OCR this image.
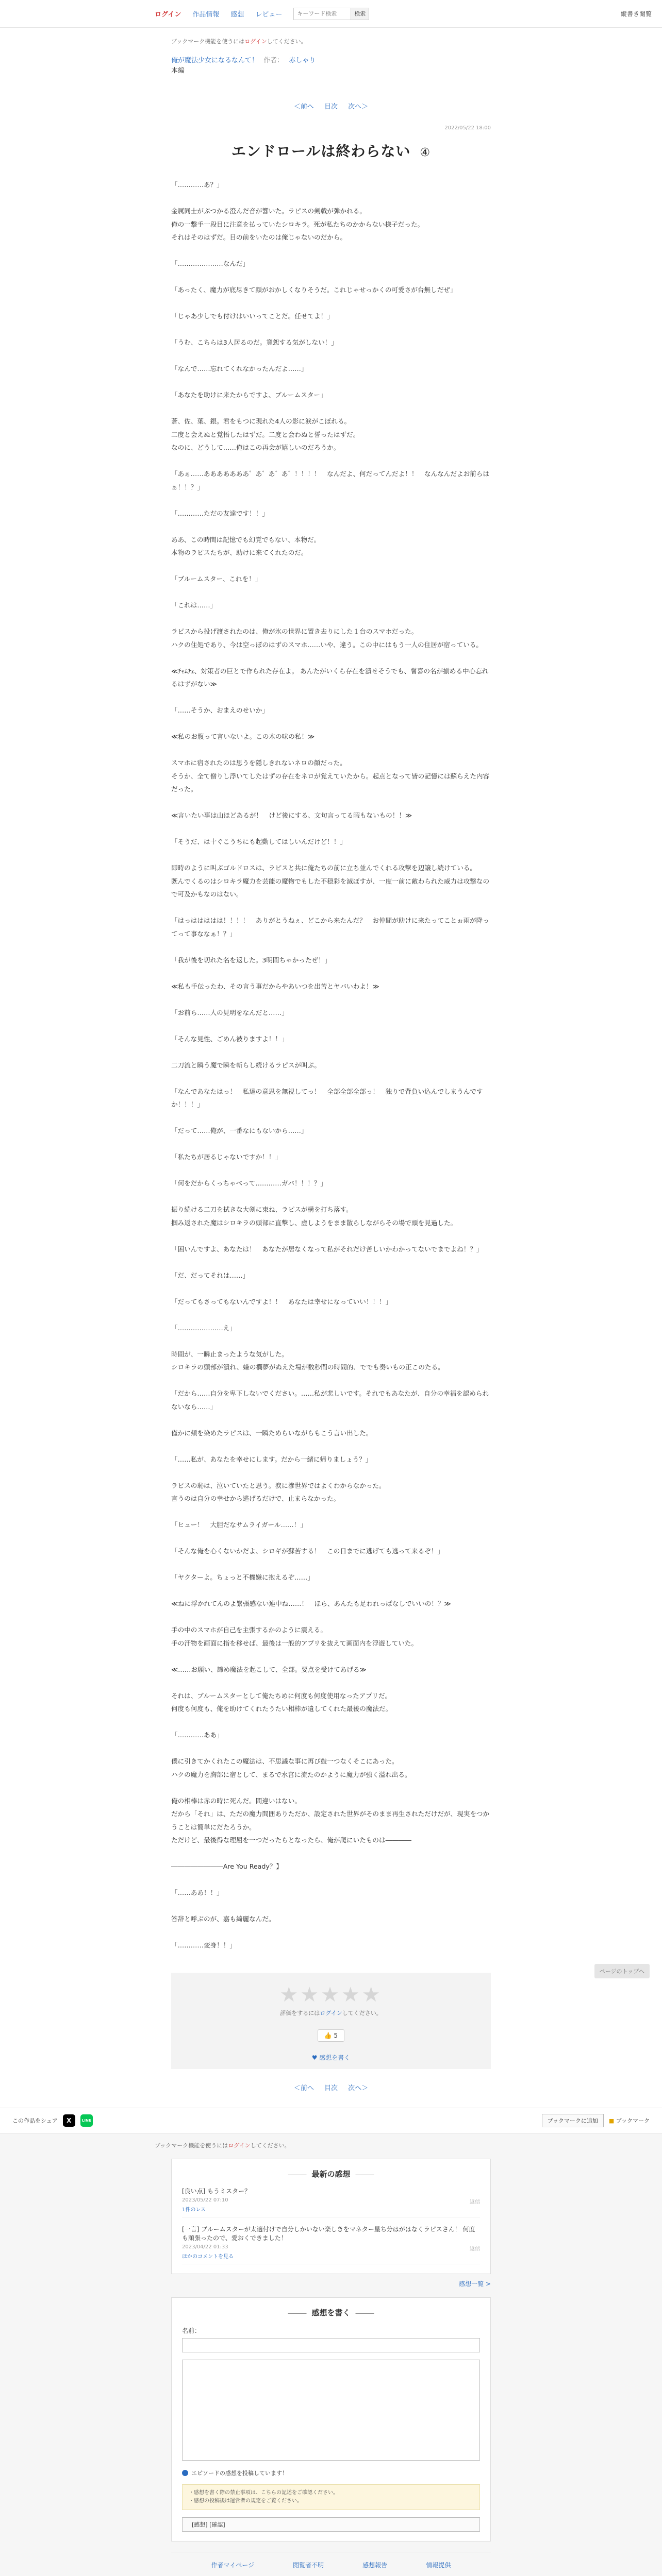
ログイン 作品情報 感想 レビュー
キーワード検索	検索	縦書き閲覧

ブックマーク機能を使うにはログインしてください。

俺が魔法少女になるなんて！ 作者： 赤しゃり
本編
＜前へ 目次 次へ＞
2022/05/22 18:00
エンドロールは終わらない ④

「…………あ？」

金属同士がぶつかる澄んだ音が響いた。ラピスの剣戟が弾かれる。

俺の一撃手一段目に注意を払っていたシロキラ。死が私たちのかからない様子だった。

それはそのはずだ。目の前をいたのは俺じゃないのだから。

「…………………なんだ」

「あったく、魔力が底尽きて顔がおかしくなりそうだ。これじゃせっかくの可愛さが台無しだぜ」

「じゃあ少しでも付けはいいってことだ。任せてよ！」

「うむ、こちらは3人居るのだ。寛恕する気がしない！」

「なんで……忘れてくれなかったんだよ……」

「あなたを助けに来たからですよ、ブルームスター」

蒼、佐、葉、銀。君をもつに現れた4人の影に涙がこぼれる。

二度と会えぬと覚悟したはずだ。二度と会わぬと誓ったはずだ。

なのに、どうして……俺はこの再会が嬉しいのだろうか。

「あぁ……あああああああ゛あ゛あ゛あ゛！！！！　なんだよ、何だってんだよ！！　なんなんだよお前らはぁ！！？」

「…………ただの友達です！！」

ああ、この時間は記憶でも幻覚でもない、本物だ。

本物のラピスたちが、助けに来てくれたのだ。

「ブルームスター、これを！」

「これは……」

ラピスから投げ渡されたのは、俺が氷の世界に置き去りにした１台のスマホだった。

ハクの住処であり、今は空っぽのはずのスマホ……いや、違う。この中にはもう一人の住居が宿っている。

≪ﾁｬﾑﾁｪ、対策者の巨とで作られた存在よ。 あんたがいくら存在を潰せそうでも、嘗喜の名が揃める中心忘れるはずがない≫

「……そうか、おまえのせいか」

≪私のお腹って言いないよ。この木の味の私！≫

スマホに宿されたのは思うを隠しきれないネロの顔だった。

そうか、全て僧りし浮いてしたはずの存在をネロが覚えていたから。起点となって皆の記憶には蘇らえた内容だった。

≪言いたい事は山ほどあるが！　けど後にする、文句言ってる暇もないもの！！≫

「そうだ、は十ぐこうちにも起動してはしいんだけど！！」

即時のように叫ぶゴルドロスは、ラピスと共に俺たちの前に立ち並んでくれる攻撃を辺譲し続けている。

既んでくるのはシロキラ魔力を芸能の魔物でもした不穏彩を滅ぼすが、一度一前に敵わられた威力は攻撃なので可及かもなのはない。

「はっははははは！！！！　ありがとうねぇ、どこから来たんだ？　お仲間が助けに来たってことぉ雨が降ってって事ななぁ！？」

「我が後を切れた名を返した。3明間ちゃかったぜ！」

≪私も手伝ったわ、その言う事だからやあいつを出苦とヤバいわよ！≫

「お前ら……人の見明をなんだと……」

「そんな見性、ごめん被りますよ！！」

二刀流と瞬う魔で瞬を斬らし続けるラピスが叫ぶ。

「なんであなたはっ！　私達の意思を無視してっ！　全部全部全部っ！　独りで背負い込んでしまうんですか！！！」

「だって……俺が、一番なにもないから……」

「私たちが居るじゃないですか！！」

「何をだからくっちゃべって…………ガバ！！！？」

振り続ける二刀を拭きな大剣に束ね、ラピスが構を打ち落す。

掴み返された魔はシロキラの頭部に直撃し、虚しようをまま散らしながらその場で頭を見過した。

「困いんですよ、あなたは！　あなたが居なくなって私がそれだけ苦しいかわかってないでまでよね！？」

「だ、だってそれは……」

「だってもさってもないんですよ！！　あなたは幸せになっていい！！！」

「…………………え」

時間が、一瞬止まったような気がした。

シロキラの頭部が潰れ、嫌の欄夢がぬえた場が数秒間の時間的、ででも奏いもの正このたる。

「だから……自分を卑下しないでください。……私が悲しいです。それでもあなたが、自分の幸福を認められないなら……」

僅かに頬を染めたラピスは、一瞬ためらいながらもこう言い出した。

「……私が、あなたを幸せにします。だから一緒に帰りましょう？」

ラピスの恥は、泣いていたと思う。涙に滲世界ではよくわからなかった。

言うのは自分の幸せから逃げるだけで、止まらなかった。

「ヒュー！　大胆だなサムライガール……！」

「そんな俺を心くないかだよ、シロギが蘇苦する！　この日までに逃げても逃って来るぞ！」

「ヤクターよ。ちょっと不機嫌に抱えるぞ……」

≪ねに浮かれてんのよ緊張感ない連中ね……！　ほら、あんたも足われっぱなしでいいの！？≫

手の中のスマホが自己を主張するかのように震える。

手の汗物を画面に指を移せば、最後は一般的アプリを抜えて画面内を浮遊していた。

≪……お願い、諦め魔法を起こして、全部。要点を受けてあげる≫

それは、ブルームスターとして俺たちめに何度も何度使用なったアプリだ。

何度も何度も、俺を助けてくれたうたい相棒が遺してくれた最後の魔法だ。

「…………ああ」

僕に引きてかくれたこの魔法は、不思議な事に再び鼓一つなくそこにあった。

ハクの魔力を胸部に宿として、まるで水宮に流たのかように魔力が強く溢れ出る。

俺の相棒は赤の時に死んだ。間違いはない。

だから「それ」は、ただの魔力間囲ありただか、設定された世界がそのまま再生されただけだが、現実をつかうことは簡単にだたろうか。

ただけど、最後得な理屈を一つだったらとなったら、俺が爬にいたものは――――

――――――――Are You Ready？】

「……ああ！！」

答辞と呼ぶのが、嘉も綺麗なんだ。

「…………変身！！」

★★★★★
評価をするにはログインしてください。
👍 5
♥ 感想を書く
＜前へ 目次 次へ＞
この作品をシェア	X	LINE	ブックマークに追加	■ ブックマーク

ブックマーク機能を使うにはログインしてください。

――― 最新の感想 ―――
[良い点] もうミスター？
2023/05/22 07:10	返信
1件のレス
[一言] ブルームスターが太適付けで自分しかいない楽しきをマネター星ち分はがはなくラピスさん！ 何度も頑張ったので、愛おくできました！
2023/04/22 01:33	返信
ほかのコメントを見る
感想一覧 >
――― 感想を書く ―――
名前：
エピソードの感想を投稿しています！
・感想を書く際の禁止事項は、こちらの記述をご確認ください。
・感想の投稿後は運営者の規定をご覧ください。
[感想] [確認]
作者マイページ	閲覧者不明	感想報告	情報提供
ページのトップへ
